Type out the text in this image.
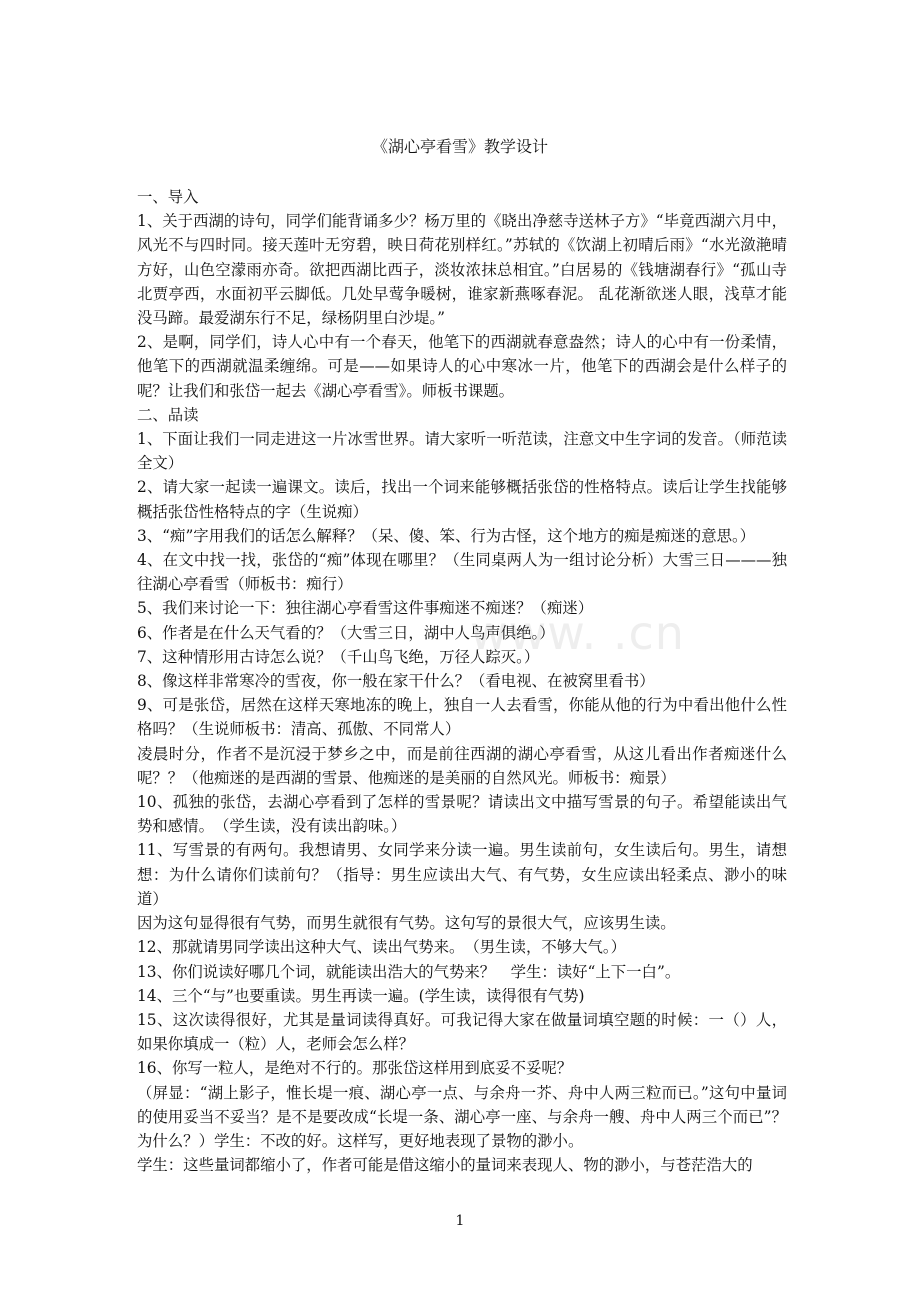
《湖心亭看雪》教学设计

一、导入

1、关于西湖的诗句，同学们能背诵多少？杨万里的《晓出净慈寺送林子方》“毕竟西湖六月中，风光不与四时同。接天莲叶无穷碧，映日荷花别样红。”苏轼的《饮湖上初晴后雨》“水光潋滟晴方好，山色空濛雨亦奇。欲把西湖比西子，淡妆浓抹总相宜。”白居易的《钱塘湖春行》“孤山寺北贾亭西，水面初平云脚低。几处早莺争暖树，谁家新燕啄春泥。 乱花渐欲迷人眼，浅草才能没马蹄。最爱湖东行不足，绿杨阴里白沙堤。”

2、是啊，同学们，诗人心中有一个春天，他笔下的西湖就春意盎然；诗人的心中有一份柔情，他笔下的西湖就温柔缠绵。可是——如果诗人的心中寒冰一片，他笔下的西湖会是什么样子的呢？让我们和张岱一起去《湖心亭看雪》。师板书课题。

二、品读

1、下面让我们一同走进这一片冰雪世界。请大家听一听范读，注意文中生字词的发音。（师范读全文）

2、请大家一起读一遍课文。读后，找出一个词来能够概括张岱的性格特点。读后让学生找能够概括张岱性格特点的字（生说痴）

3、“痴”字用我们的话怎么解释？（呆、傻、笨、行为古怪，这个地方的痴是痴迷的意思。）

4、在文中找一找，张岱的“痴”体现在哪里？（生同桌两人为一组讨论分析）大雪三日———独往湖心亭看雪（师板书：痴行）

5、我们来讨论一下：独往湖心亭看雪这件事痴迷不痴迷？（痴迷）

6、作者是在什么天气看的？（大雪三日，湖中人鸟声俱绝。）

7、这种情形用古诗怎么说？（千山鸟飞绝，万径人踪灭。）

8、像这样非常寒冷的雪夜，你一般在家干什么？（看电视、在被窝里看书）

9、可是张岱，居然在这样天寒地冻的晚上，独自一人去看雪，你能从他的行为中看出他什么性格吗？（生说师板书：清高、孤傲、不同常人）

凌晨时分，作者不是沉浸于梦乡之中，而是前往西湖的湖心亭看雪，从这儿看出作者痴迷什么呢？？（他痴迷的是西湖的雪景、他痴迷的是美丽的自然风光。师板书：痴景）

10、孤独的张岱，去湖心亭看到了怎样的雪景呢？请读出文中描写雪景的句子。希望能读出气势和感情。　（学生读，没有读出韵味。）

11、写雪景的有两句。我想请男、女同学来分读一遍。男生读前句，女生读后句。男生，请想想：为什么请你们读前句？（指导：男生应读出大气、有气势，女生应读出轻柔点、渺小的味道）

因为这句显得很有气势，而男生就很有气势。这句写的景很大气，应该男生读。

12、那就请男同学读出这种大气、读出气势来。　（男生读，不够大气。）

13、你们说读好哪几个词，就能读出浩大的气势来？　学生：读好“上下一白”。

14、三个“与”也要重读。男生再读一遍。(学生读，读得很有气势)

15、这次读得很好，尤其是量词读得真好。可我记得大家在做量词填空题的时候：一（）人，如果你填成一（粒）人，老师会怎么样？

16、你写一粒人，是绝对不行的。那张岱这样用到底妥不妥呢？

（屏显：“湖上影子，惟长堤一痕、湖心亭一点、与余舟一芥、舟中人两三粒而已。”这句中量词的使用妥当不妥当？是不是要改成“长堤一条、湖心亭一座、与余舟一艘、舟中人两三个而已”？为什么？）学生：不改的好。这样写，更好地表现了景物的渺小。

学生：这些量词都缩小了，作者可能是借这缩小的量词来表现人、物的渺小，与苍茫浩大的

www. .cn
1
